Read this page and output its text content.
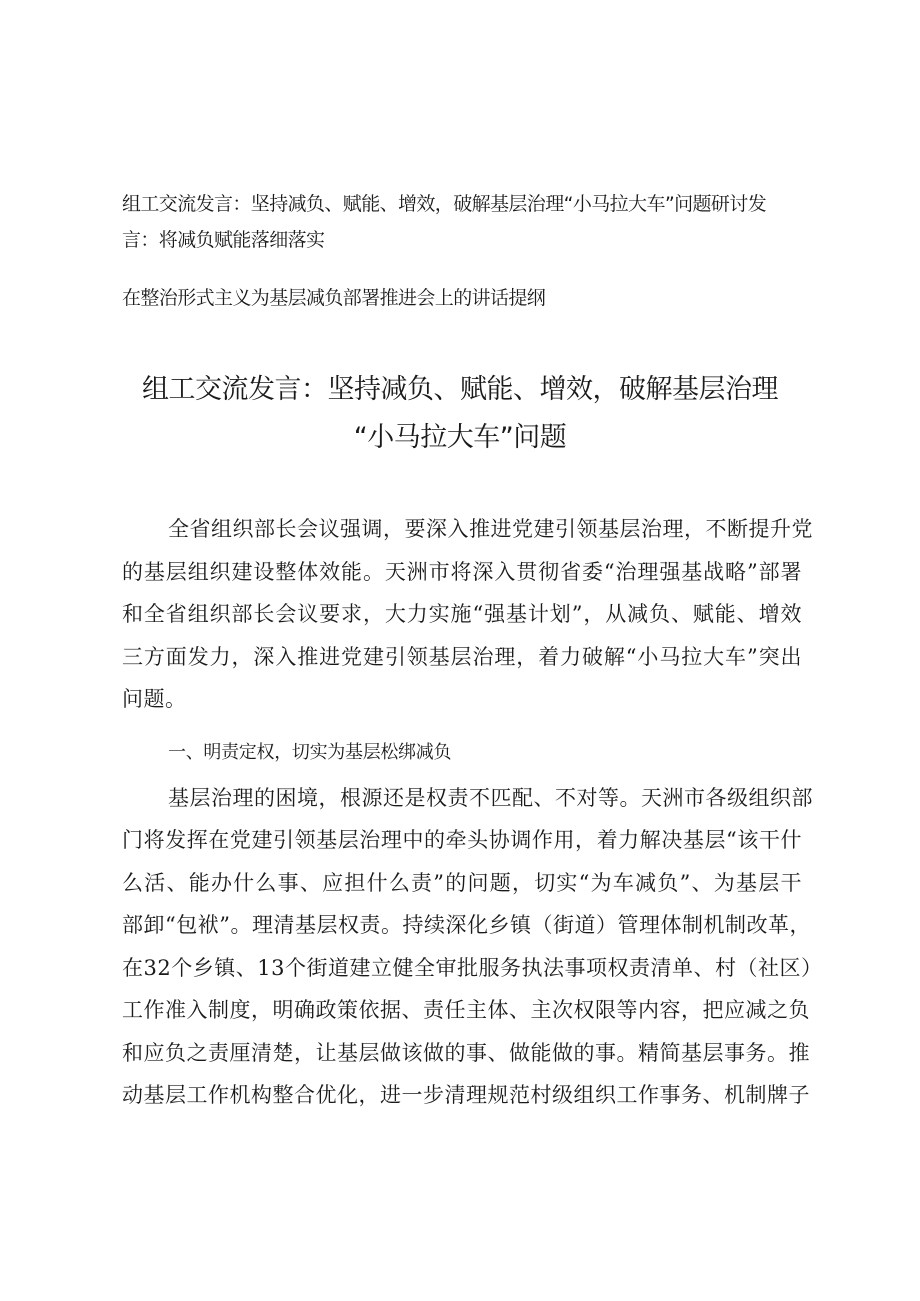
组工交流发言：坚持减负、赋能、增效，破解基层治理“小马拉大车”问题研讨发
言：将减负赋能落细落实
在整治形式主义为基层减负部署推进会上的讲话提纲
组工交流发言：坚持减负、赋能、增效，破解基层治理
“小马拉大车”问题
全省组织部长会议强调，要深入推进党建引领基层治理，不断提升党
的基层组织建设整体效能。天洲市将深入贯彻省委“治理强基战略”部署
和全省组织部长会议要求，大力实施“强基计划”，从减负、赋能、增效
三方面发力，深入推进党建引领基层治理，着力破解“小马拉大车”突出
问题。
一、明责定权，切实为基层松绑减负
基层治理的困境，根源还是权责不匹配、不对等。天洲市各级组织部
门将发挥在党建引领基层治理中的牵头协调作用，着力解决基层“该干什
么活、能办什么事、应担什么责”的问题，切实“为车减负”、为基层干
部卸“包袱”。理清基层权责。持续深化乡镇（街道）管理体制机制改革，
在32个乡镇、13个街道建立健全审批服务执法事项权责清单、村（社区）
工作准入制度，明确政策依据、责任主体、主次权限等内容，把应减之负
和应负之责厘清楚，让基层做该做的事、做能做的事。精简基层事务。推
动基层工作机构整合优化，进一步清理规范村级组织工作事务、机制牌子
